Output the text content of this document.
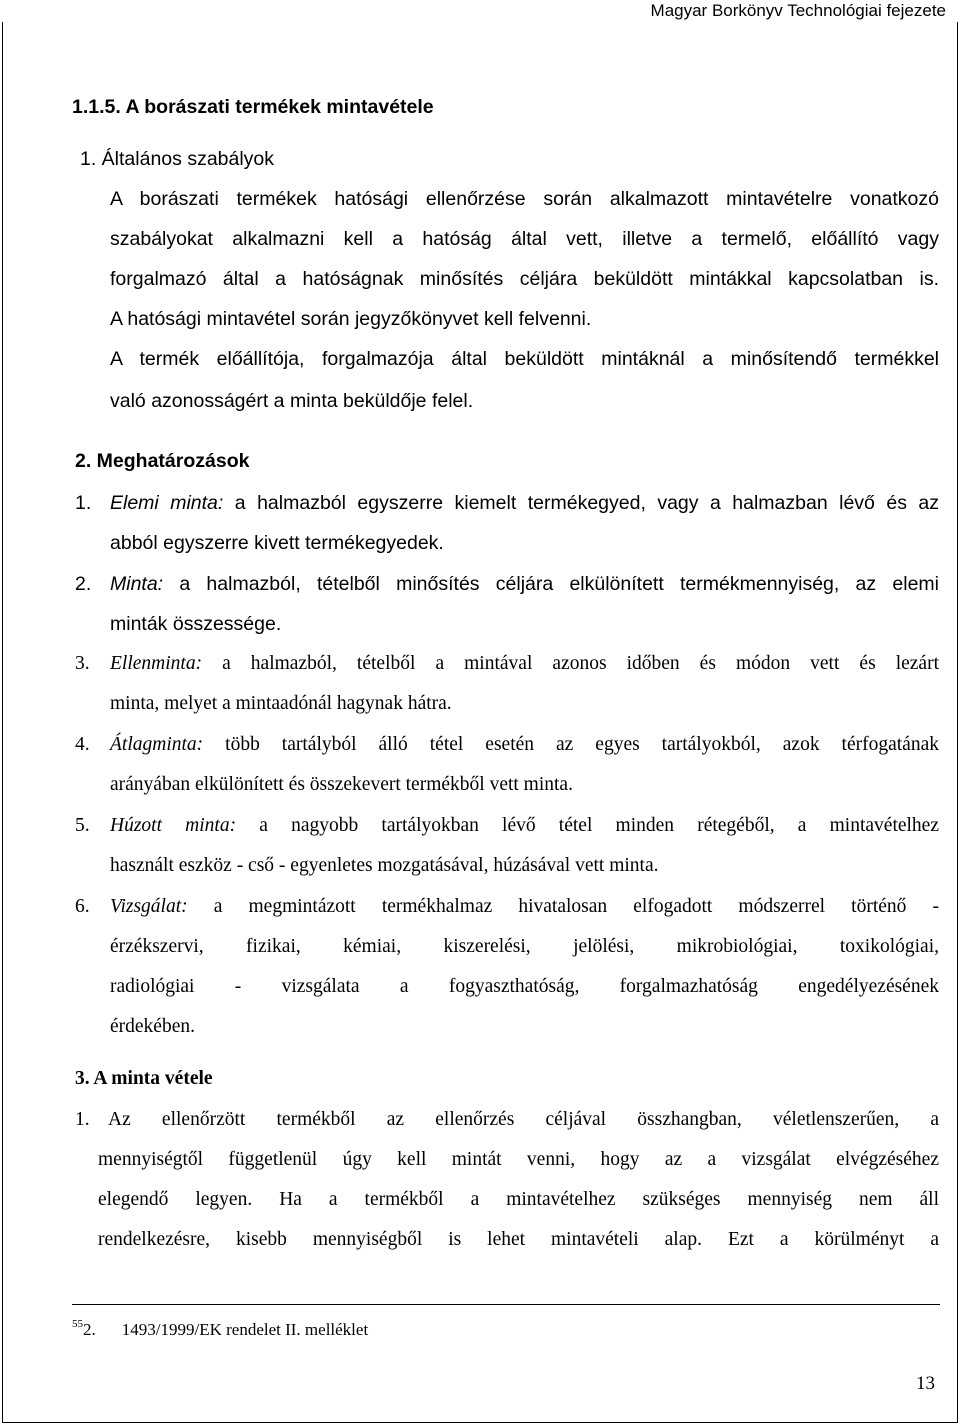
Magyar Borkönyv Technológiai fejezete
1.1.5. A borászati termékek mintavétele
1. Általános szabályok
A borászati termékek hatósági ellenőrzése során alkalmazott mintavételre vonatkozó
szabályokat alkalmazni kell a hatóság által vett, illetve a termelő, előállító vagy
forgalmazó által a hatóságnak minősítés céljára beküldött mintákkal kapcsolatban is.
A hatósági mintavétel során jegyzőkönyvet kell felvenni.
A termék előállítója, forgalmazója által beküldött mintáknál a minősítendő termékkel
való azonosságért a minta beküldője felel.
2. Meghatározások
1. Elemi minta: a halmazból egyszerre kiemelt termékegyed, vagy a halmazban lévő és az
abból egyszerre kivett termékegyedek.
2. Minta: a halmazból, tételből minősítés céljára elkülönített termékmennyiség, az elemi
minták összessége.
3. Ellenminta: a halmazból, tételből a mintával azonos időben és módon vett és lezárt
minta, melyet a mintaadónál hagynak hátra.
4. Átlagminta: több tartályból álló tétel esetén az egyes tartályokból, azok térfogatának
arányában elkülönített és összekevert termékből vett minta.
5. Húzott minta: a nagyobb tartályokban lévő tétel minden rétegéből, a mintavételhez
használt eszköz - cső - egyenletes mozgatásával, húzásával vett minta.
6. Vizsgálat: a megmintázott termékhalmaz hivatalosan elfogadott módszerrel történő -
érzékszervi, fizikai, kémiai, kiszerelési, jelölési, mikrobiológiai, toxikológiai,
radiológiai - vizsgálata a fogyaszthatóság, forgalmazhatóság engedélyezésének
érdekében.
3. A minta vétele
1. Az ellenőrzött termékből az ellenőrzés céljával összhangban, véletlenszerűen, a
mennyiségtől függetlenül úgy kell mintát venni, hogy az a vizsgálat elvégzéséhez
elegendő legyen. Ha a termékből a mintavételhez szükséges mennyiség nem áll
rendelkezésre, kisebb mennyiségből is lehet mintavételi alap. Ezt a körülményt a
$^{55}$2. 1493/1999/EK rendelet II. melléklet
13
